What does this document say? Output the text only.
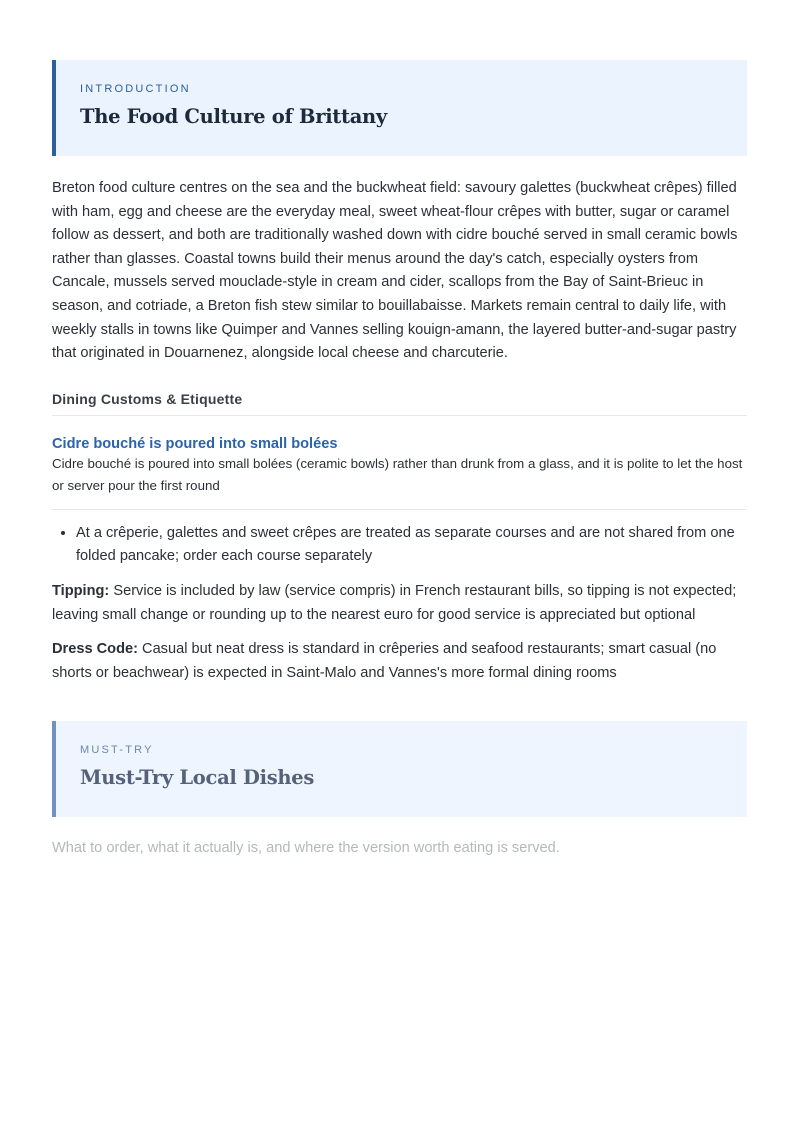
INTRODUCTION
The Food Culture of Brittany

Breton food culture centres on the sea and the buckwheat field: savoury galettes (buckwheat crêpes) filled with ham, egg and cheese are the everyday meal, sweet wheat-flour crêpes with butter, sugar or caramel follow as dessert, and both are traditionally washed down with cidre bouché served in small ceramic bowls rather than glasses. Coastal towns build their menus around the day's catch, especially oysters from Cancale, mussels served mouclade-style in cream and cider, scallops from the Bay of Saint-Brieuc in season, and cotriade, a Breton fish stew similar to bouillabaisse. Markets remain central to daily life, with weekly stalls in towns like Quimper and Vannes selling kouign-amann, the layered butter-and-sugar pastry that originated in Douarnenez, alongside local cheese and charcuterie.

Dining Customs & Etiquette
Cidre bouché is poured into small bolées

Cidre bouché is poured into small bolées (ceramic bowls) rather than drunk from a glass, and it is polite to let the host or server pour the first round

• At a crêperie, galettes and sweet crêpes are treated as separate courses and are not shared from one folded pancake; order each course separately

Tipping: Service is included by law (service compris) in French restaurant bills, so tipping is not expected; leaving small change or rounding up to the nearest euro for good service is appreciated but optional

Dress Code: Casual but neat dress is standard in crêperies and seafood restaurants; smart casual (no shorts or beachwear) is expected in Saint-Malo and Vannes's more formal dining rooms

MUST-TRY
Must-Try Local Dishes

What to order, what it actually is, and where the version worth eating is served.
